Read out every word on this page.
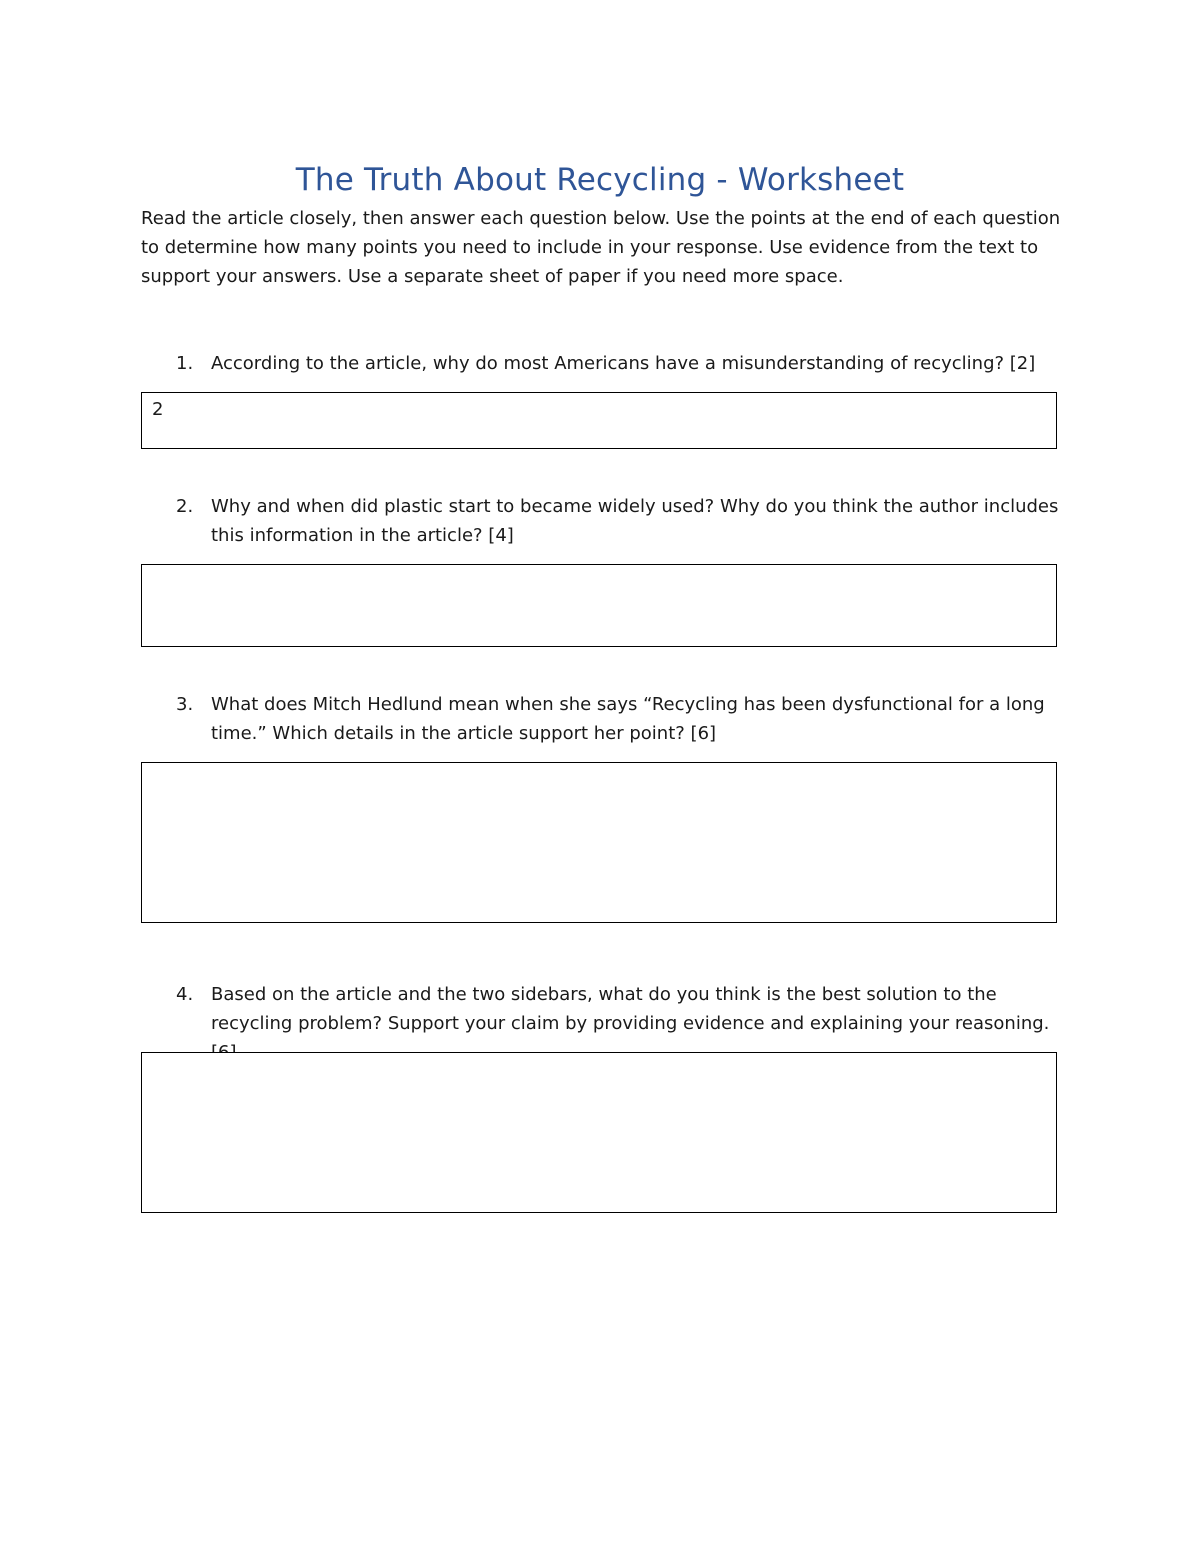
The Truth About Recycling - Worksheet
Read the article closely, then answer each question below. Use the points at the end of each question to determine how many points you need to include in your response. Use evidence from the text to support your answers. Use a separate sheet of paper if you need more space.
1. According to the article, why do most Americans have a misunderstanding of recycling? [2]
2
2. Why and when did plastic start to became widely used? Why do you think the author includes this information in the article? [4]
3. What does Mitch Hedlund mean when she says “Recycling has been dysfunctional for a long time.” Which details in the article support her point? [6]
4. Based on the article and the two sidebars, what do you think is the best solution to the recycling problem? Support your claim by providing evidence and explaining your reasoning.
